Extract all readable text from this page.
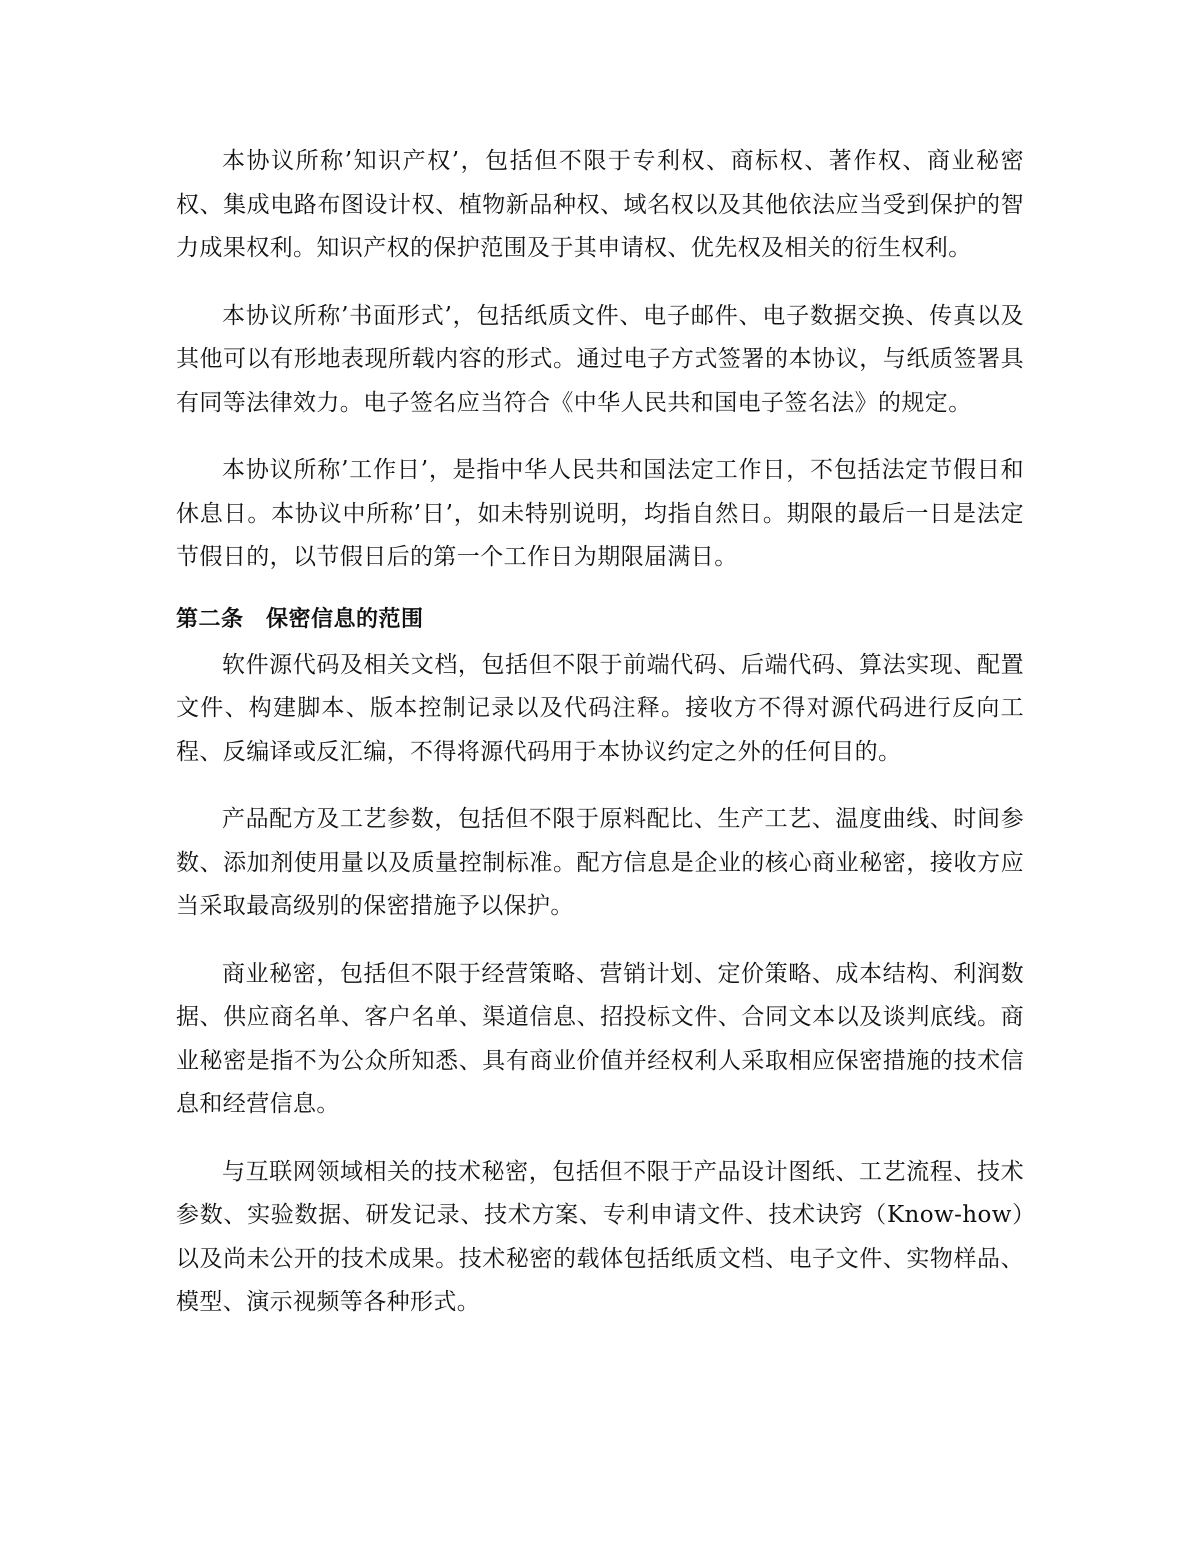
本协议所称’知识产权’，包括但不限于专利权、商标权、著作权、商业秘密权、集成电路布图设计权、植物新品种权、域名权以及其他依法应当受到保护的智力成果权利。知识产权的保护范围及于其申请权、优先权及相关的衍生权利。

本协议所称’书面形式’，包括纸质文件、电子邮件、电子数据交换、传真以及其他可以有形地表现所载内容的形式。通过电子方式签署的本协议，与纸质签署具有同等法律效力。电子签名应当符合《中华人民共和国电子签名法》的规定。

本协议所称’工作日’，是指中华人民共和国法定工作日，不包括法定节假日和休息日。本协议中所称’日’，如未特别说明，均指自然日。期限的最后一日是法定节假日的，以节假日后的第一个工作日为期限届满日。

第二条　保密信息的范围

软件源代码及相关文档，包括但不限于前端代码、后端代码、算法实现、配置文件、构建脚本、版本控制记录以及代码注释。接收方不得对源代码进行反向工程、反编译或反汇编，不得将源代码用于本协议约定之外的任何目的。

产品配方及工艺参数，包括但不限于原料配比、生产工艺、温度曲线、时间参数、添加剂使用量以及质量控制标准。配方信息是企业的核心商业秘密，接收方应当采取最高级别的保密措施予以保护。

商业秘密，包括但不限于经营策略、营销计划、定价策略、成本结构、利润数据、供应商名单、客户名单、渠道信息、招投标文件、合同文本以及谈判底线。商业秘密是指不为公众所知悉、具有商业价值并经权利人采取相应保密措施的技术信息和经营信息。

与互联网领域相关的技术秘密，包括但不限于产品设计图纸、工艺流程、技术参数、实验数据、研发记录、技术方案、专利申请文件、技术诀窍（Know-how）以及尚未公开的技术成果。技术秘密的载体包括纸质文档、电子文件、实物样品、模型、演示视频等各种形式。
